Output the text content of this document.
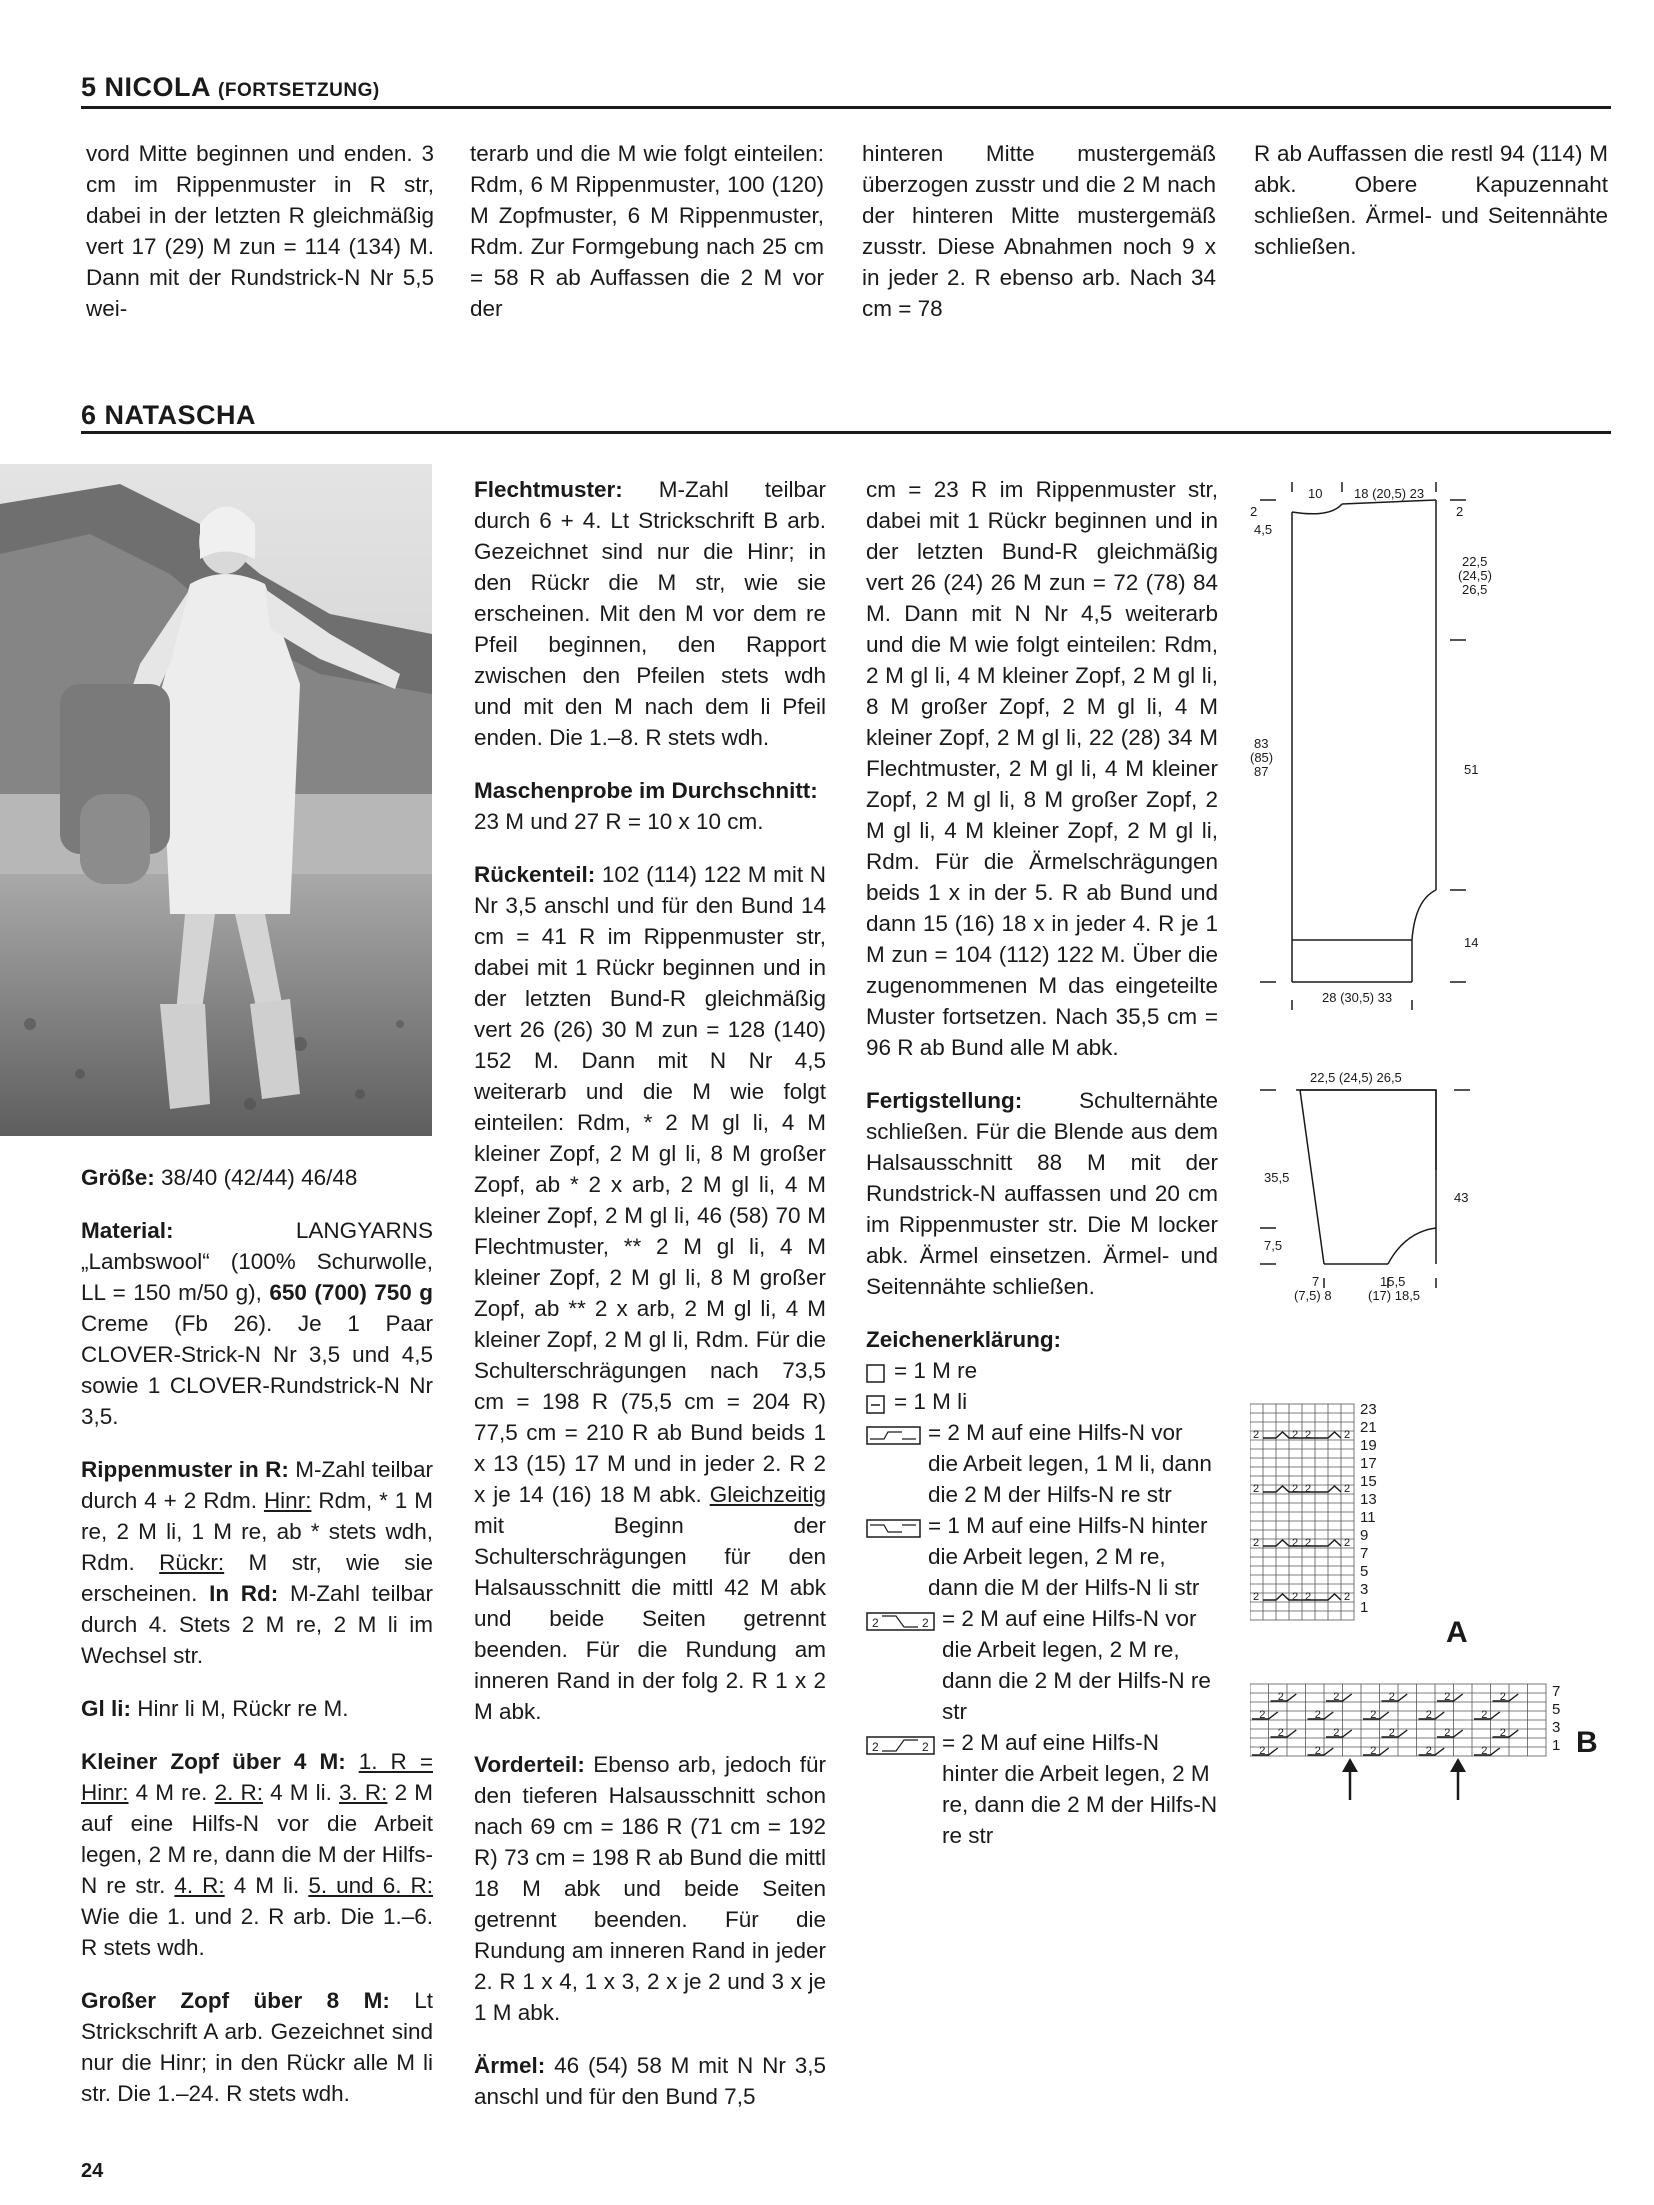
5 NICOLA (FORTSETZUNG)

vord Mitte beginnen und enden. 3 cm im Rippenmuster in R str, dabei in der letzten R gleichmäßig vert 17 (29) M zun = 114 (134) M. Dann mit der Rundstrick-N Nr 5,5 wei-

terarb und die M wie folgt einteilen: Rdm, 6 M Rippenmuster, 100 (120) M Zopfmuster, 6 M Rippenmuster, Rdm. Zur Formgebung nach 25 cm = 58 R ab Auffassen die 2 M vor der

hinteren Mitte mustergemäß überzogen zusstr und die 2 M nach der hinteren Mitte mustergemäß zusstr. Diese Abnahmen noch 9 x in jeder 2. R ebenso arb. Nach 34 cm = 78

R ab Auffassen die restl 94 (114) M abk. Obere Kapuzennaht schließen. Ärmel- und Seitennähte schließen.

6 NATASCHA

Größe: 38/40 (42/44) 46/48

Material: LANGYARNS „Lambswool“ (100% Schurwolle, LL = 150 m/50 g), 650 (700) 750 g Creme (Fb 26). Je 1 Paar CLOVER-Strick-N Nr 3,5 und 4,5 sowie 1 CLOVER-Rundstrick-N Nr 3,5.

Rippenmuster in R: M-Zahl teilbar durch 4 + 2 Rdm. Hinr: Rdm, * 1 M re, 2 M li, 1 M re, ab * stets wdh, Rdm. Rückr: M str, wie sie erscheinen. In Rd: M-Zahl teilbar durch 4. Stets 2 M re, 2 M li im Wechsel str.

Gl li: Hinr li M, Rückr re M.

Kleiner Zopf über 4 M: 1. R = Hinr: 4 M re. 2. R: 4 M li. 3. R: 2 M auf eine Hilfs-N vor die Arbeit legen, 2 M re, dann die M der Hilfs-N re str. 4. R: 4 M li. 5. und 6. R: Wie die 1. und 2. R arb. Die 1.–6. R stets wdh.

Großer Zopf über 8 M: Lt Strickschrift A arb. Gezeichnet sind nur die Hinr; in den Rückr alle M li str. Die 1.–24. R stets wdh.

Flechtmuster: M-Zahl teilbar durch 6 + 4. Lt Strickschrift B arb. Gezeichnet sind nur die Hinr; in den Rückr die M str, wie sie erscheinen. Mit den M vor dem re Pfeil beginnen, den Rapport zwischen den Pfeilen stets wdh und mit den M nach dem li Pfeil enden. Die 1.–8. R stets wdh.

Maschenprobe im Durchschnitt:
23 M und 27 R = 10 x 10 cm.

Rückenteil: 102 (114) 122 M mit N Nr 3,5 anschl und für den Bund 14 cm = 41 R im Rippenmuster str, dabei mit 1 Rückr beginnen und in der letzten Bund-R gleichmäßig vert 26 (26) 30 M zun = 128 (140) 152 M. Dann mit N Nr 4,5 weiterarb und die M wie folgt einteilen: Rdm, * 2 M gl li, 4 M kleiner Zopf, 2 M gl li, 8 M großer Zopf, ab * 2 x arb, 2 M gl li, 4 M kleiner Zopf, 2 M gl li, 46 (58) 70 M Flechtmuster, ** 2 M gl li, 4 M kleiner Zopf, 2 M gl li, 8 M großer Zopf, ab ** 2 x arb, 2 M gl li, 4 M kleiner Zopf, 2 M gl li, Rdm. Für die Schulterschrägungen nach 73,5 cm = 198 R (75,5 cm = 204 R) 77,5 cm = 210 R ab Bund beids 1 x 13 (15) 17 M und in jeder 2. R 2 x je 14 (16) 18 M abk. Gleichzeitig mit Beginn der Schulterschrägungen für den Halsausschnitt die mittl 42 M abk und beide Seiten getrennt beenden. Für die Rundung am inneren Rand in der folg 2. R 1 x 2 M abk.

Vorderteil: Ebenso arb, jedoch für den tieferen Halsausschnitt schon nach 69 cm = 186 R (71 cm = 192 R) 73 cm = 198 R ab Bund die mittl 18 M abk und beide Seiten getrennt beenden. Für die Rundung am inneren Rand in jeder 2. R 1 x 4, 1 x 3, 2 x je 2 und 3 x je 1 M abk.

Ärmel: 46 (54) 58 M mit N Nr 3,5 anschl und für den Bund 7,5

cm = 23 R im Rippenmuster str, dabei mit 1 Rückr beginnen und in der letzten Bund-R gleichmäßig vert 26 (24) 26 M zun = 72 (78) 84 M. Dann mit N Nr 4,5 weiterarb und die M wie folgt einteilen: Rdm, 2 M gl li, 4 M kleiner Zopf, 2 M gl li, 8 M großer Zopf, 2 M gl li, 4 M kleiner Zopf, 2 M gl li, 22 (28) 34 M Flechtmuster, 2 M gl li, 4 M kleiner Zopf, 2 M gl li, 8 M großer Zopf, 2 M gl li, 4 M kleiner Zopf, 2 M gl li, Rdm. Für die Ärmelschrägungen beids 1 x in der 5. R ab Bund und dann 15 (16) 18 x in jeder 4. R je 1 M zun = 104 (112) 122 M. Über die zugenommenen M das eingeteilte Muster fortsetzen. Nach 35,5 cm = 96 R ab Bund alle M abk.

Fertigstellung: Schulternähte schließen. Für die Blende aus dem Halsausschnitt 88 M mit der Rundstrick-N auffassen und 20 cm im Rippenmuster str. Die M locker abk. Ärmel einsetzen. Ärmel- und Seitennähte schließen.

Zeichenerklärung:
= 1 M re
= 1 M li
= 2 M auf eine Hilfs-N vor die Arbeit legen, 1 M li, dann die 2 M der Hilfs-N re str
= 1 M auf eine Hilfs-N hinter die Arbeit legen, 2 M re, dann die M der Hilfs-N li str
2	2 = 2 M auf eine Hilfs-N vor die Arbeit legen, 2 M re, dann die 2 M der Hilfs-N re str
2	2 = 2 M auf eine Hilfs-N hinter die Arbeit legen, 2 M re, dann die 2 M der Hilfs-N re str
2
10 18 (20,5) 23
2
4,5
22,5
(24,5)
26,5
83
(85)
87	51
14
28 (30,5) 33
22,5 (24,5) 26,5
35,5
43
7,5
7
(7,5) 8
15,5
(17) 18,5
2	2 2	2
2	2 2	2
2	2 2	2
2	2 2	2
23
21
19
17
15
13
11
9
7
5
3
1
A
2	2	2	2	2
2	2	2	2	2
2	2	2	2	2
2	2	2	2	2	7
5
3
1 B
24
